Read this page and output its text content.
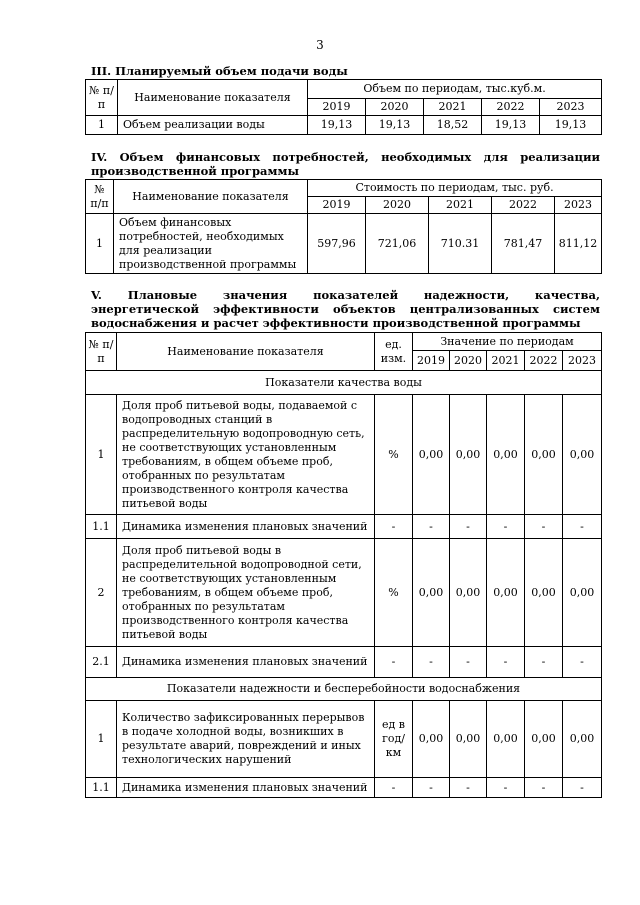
3
III. Планируемый объем подачи воды
№ п/п	Наименование показателя	Объем по периодам, тыс.куб.м.				
		2019	2020	2021	2022	2023
1	Объем реализации воды	19,13	19,13	18,52	19,13	19,13
IV. Объем финансовых потребностей, необходимых для реализации производственной программы
№ п/п	Наименование показателя	Стоимость по периодам, тыс. руб.				
		2019	2020	2021	2022	2023
1	Объем финансовых потребностей, необходимых для реализации производственной программы	597,96	721,06	710.31	781,47	811,12
V. Плановые значения показателей надежности, качества, энергетической эффективности объектов централизованных систем водоснабжения и расчет эффективности производственной программы
№ п/п	Наименование показателя	ед. изм.	Значение по периодам				
			2019	2020	2021	2022	2023
Показатели качества воды							
1	Доля проб питьевой воды, подаваемой с водопроводных станций в распределительную водопроводную сеть, не соответствующих установленным требованиям, в общем объеме проб, отобранных по результатам производственного контроля качества питьевой воды	%	0,00	0,00	0,00	0,00	0,00
1.1	Динамика изменения плановых значений	-	-	-	-	-	-
2	Доля проб питьевой воды в распределительной водопроводной сети, не соответствующих установленным требованиям, в общем объеме проб, отобранных по результатам производственного контроля качества питьевой воды	%	0,00	0,00	0,00	0,00	0,00
2.1	Динамика изменения плановых значений	-	-	-	-	-	-
Показатели надежности и бесперебойности водоснабжения							
1	Количество зафиксированных перерывов в подаче холодной воды, возникших в результате аварий, повреждений и иных технологических нарушений	ед в год/ км	0,00	0,00	0,00	0,00	0,00
1.1	Динамика изменения плановых значений	-	-	-	-	-	-
